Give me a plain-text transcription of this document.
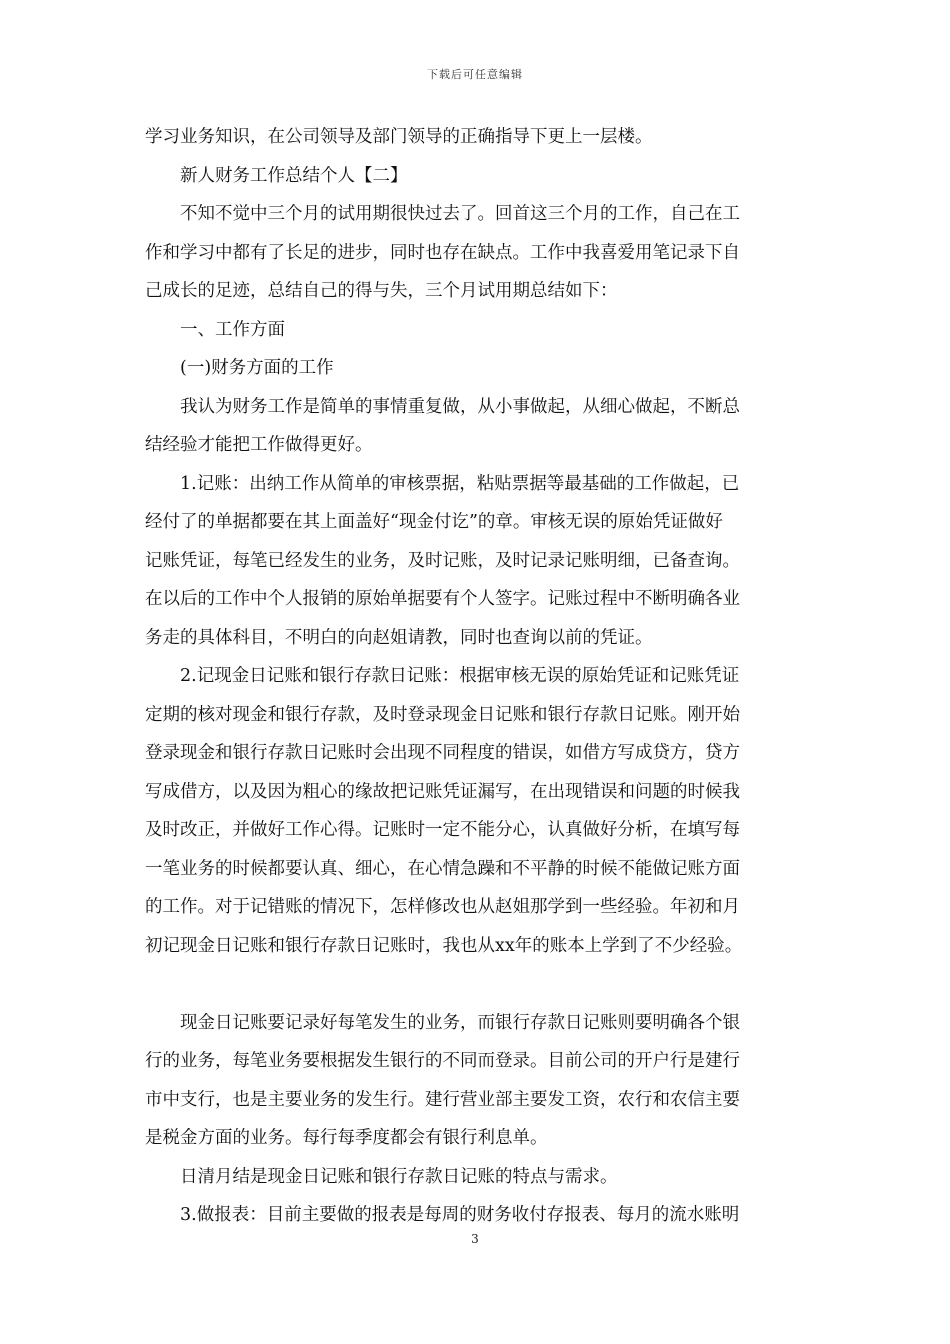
下载后可任意编辑
学习业务知识，在公司领导及部门领导的正确指导下更上一层楼。
新人财务工作总结个人【二】
不知不觉中三个月的试用期很快过去了。回首这三个月的工作，自己在工
作和学习中都有了长足的进步，同时也存在缺点。工作中我喜爱用笔记录下自
己成长的足迹，总结自己的得与失，三个月试用期总结如下：
一、工作方面
(一)财务方面的工作
我认为财务工作是简单的事情重复做，从小事做起，从细心做起，不断总
结经验才能把工作做得更好。
1.记账：出纳工作从简单的审核票据，粘贴票据等最基础的工作做起，已
经付了的单据都要在其上面盖好“现金付讫”的章。审核无误的原始凭证做好
记账凭证，每笔已经发生的业务，及时记账，及时记录记账明细，已备查询。
在以后的工作中个人报销的原始单据要有个人签字。记账过程中不断明确各业
务走的具体科目，不明白的向赵姐请教，同时也查询以前的凭证。
2.记现金日记账和银行存款日记账：根据审核无误的原始凭证和记账凭证
定期的核对现金和银行存款，及时登录现金日记账和银行存款日记账。刚开始
登录现金和银行存款日记账时会出现不同程度的错误，如借方写成贷方，贷方
写成借方，以及因为粗心的缘故把记账凭证漏写，在出现错误和问题的时候我
及时改正，并做好工作心得。记账时一定不能分心，认真做好分析，在填写每
一笔业务的时候都要认真、细心，在心情急躁和不平静的时候不能做记账方面
的工作。对于记错账的情况下，怎样修改也从赵姐那学到一些经验。年初和月
初记现金日记账和银行存款日记账时，我也从xx年的账本上学到了不少经验。
现金日记账要记录好每笔发生的业务，而银行存款日记账则要明确各个银
行的业务，每笔业务要根据发生银行的不同而登录。目前公司的开户行是建行
市中支行，也是主要业务的发生行。建行营业部主要发工资，农行和农信主要
是税金方面的业务。每行每季度都会有银行利息单。
日清月结是现金日记账和银行存款日记账的特点与需求。
3.做报表：目前主要做的报表是每周的财务收付存报表、每月的流水账明
3
